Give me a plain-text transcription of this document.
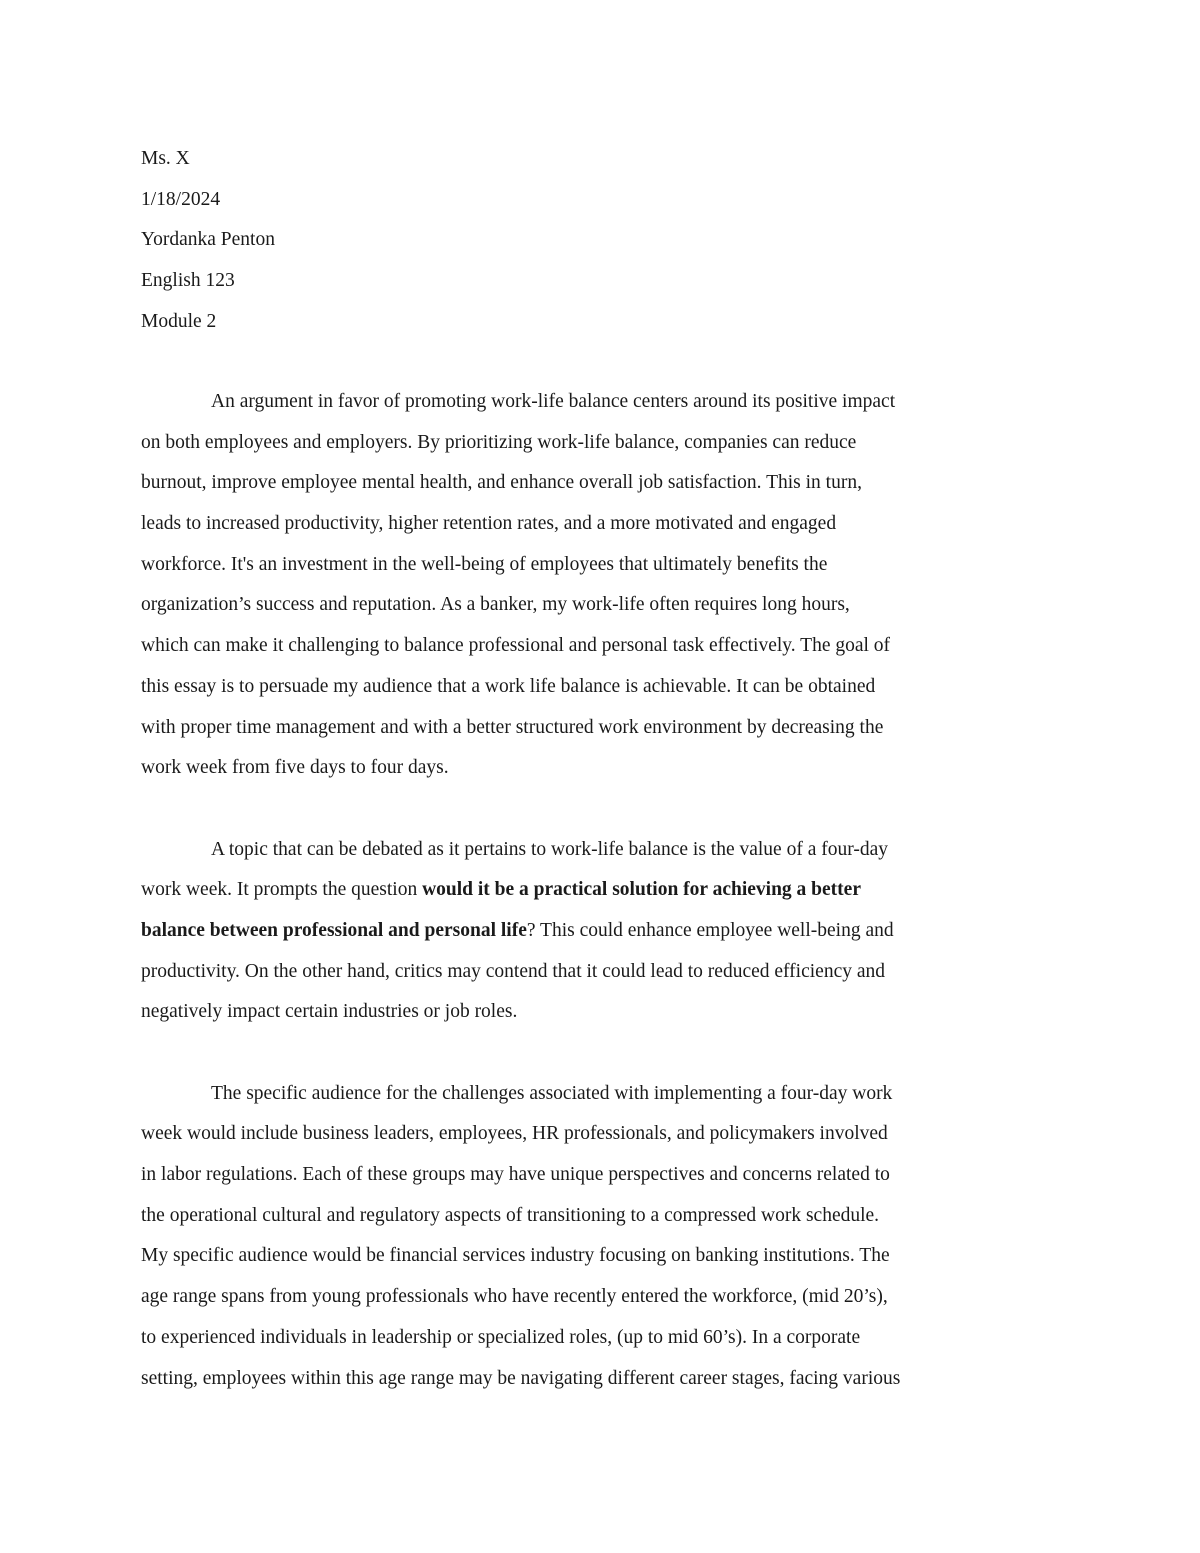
Ms. X
1/18/2024
Yordanka Penton
English 123
Module 2
An argument in favor of promoting work-life balance centers around its positive impact
on both employees and employers. By prioritizing work-life balance, companies can reduce
burnout, improve employee mental health, and enhance overall job satisfaction. This in turn,
leads to increased productivity, higher retention rates, and a more motivated and engaged
workforce. It's an investment in the well-being of employees that ultimately benefits the
organization’s success and reputation. As a banker, my work-life often requires long hours,
which can make it challenging to balance professional and personal task effectively. The goal of
this essay is to persuade my audience that a work life balance is achievable. It can be obtained
with proper time management and with a better structured work environment by decreasing the
work week from five days to four days.
A topic that can be debated as it pertains to work-life balance is the value of a four-day
work week. It prompts the question would it be a practical solution for achieving a better
balance between professional and personal life? This could enhance employee well-being and
productivity. On the other hand, critics may contend that it could lead to reduced efficiency and
negatively impact certain industries or job roles.
The specific audience for the challenges associated with implementing a four-day work
week would include business leaders, employees, HR professionals, and policymakers involved
in labor regulations. Each of these groups may have unique perspectives and concerns related to
the operational cultural and regulatory aspects of transitioning to a compressed work schedule.
My specific audience would be financial services industry focusing on banking institutions. The
age range spans from young professionals who have recently entered the workforce, (mid 20’s),
to experienced individuals in leadership or specialized roles, (up to mid 60’s). In a corporate
setting, employees within this age range may be navigating different career stages, facing various
